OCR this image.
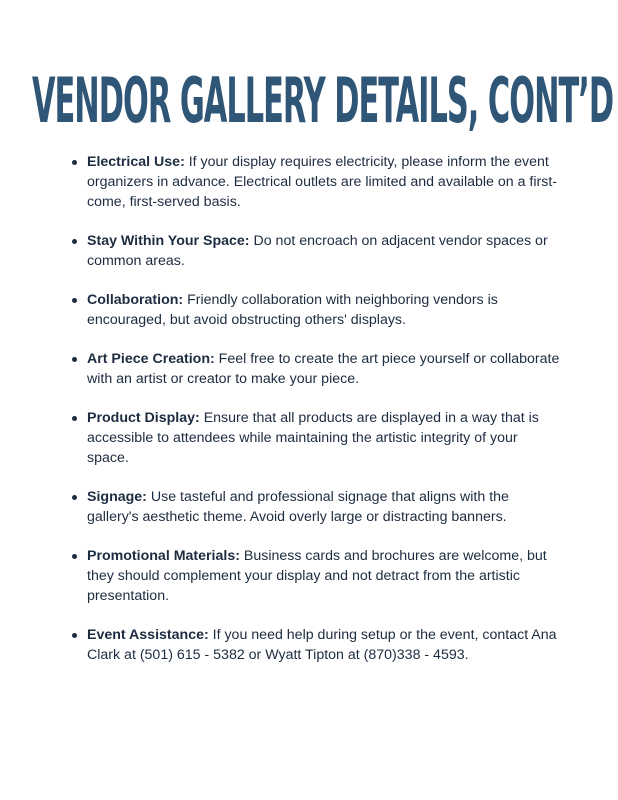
VENDOR GALLERY DETAILS, CONT’D
Electrical Use: If your display requires electricity, please inform the event organizers in advance. Electrical outlets are limited and available on a first-come, first-served basis.
Stay Within Your Space: Do not encroach on adjacent vendor spaces or common areas.
Collaboration: Friendly collaboration with neighboring vendors is encouraged, but avoid obstructing others' displays.
Art Piece Creation: Feel free to create the art piece yourself or collaborate with an artist or creator to make your piece.
Product Display: Ensure that all products are displayed in a way that is accessible to attendees while maintaining the artistic integrity of your space.
Signage: Use tasteful and professional signage that aligns with the gallery's aesthetic theme. Avoid overly large or distracting banners.
Promotional Materials: Business cards and brochures are welcome, but they should complement your display and not detract from the artistic presentation.
Event Assistance: If you need help during setup or the event, contact Ana Clark at (501) 615 - 5382 or Wyatt Tipton at (870)338 - 4593.
